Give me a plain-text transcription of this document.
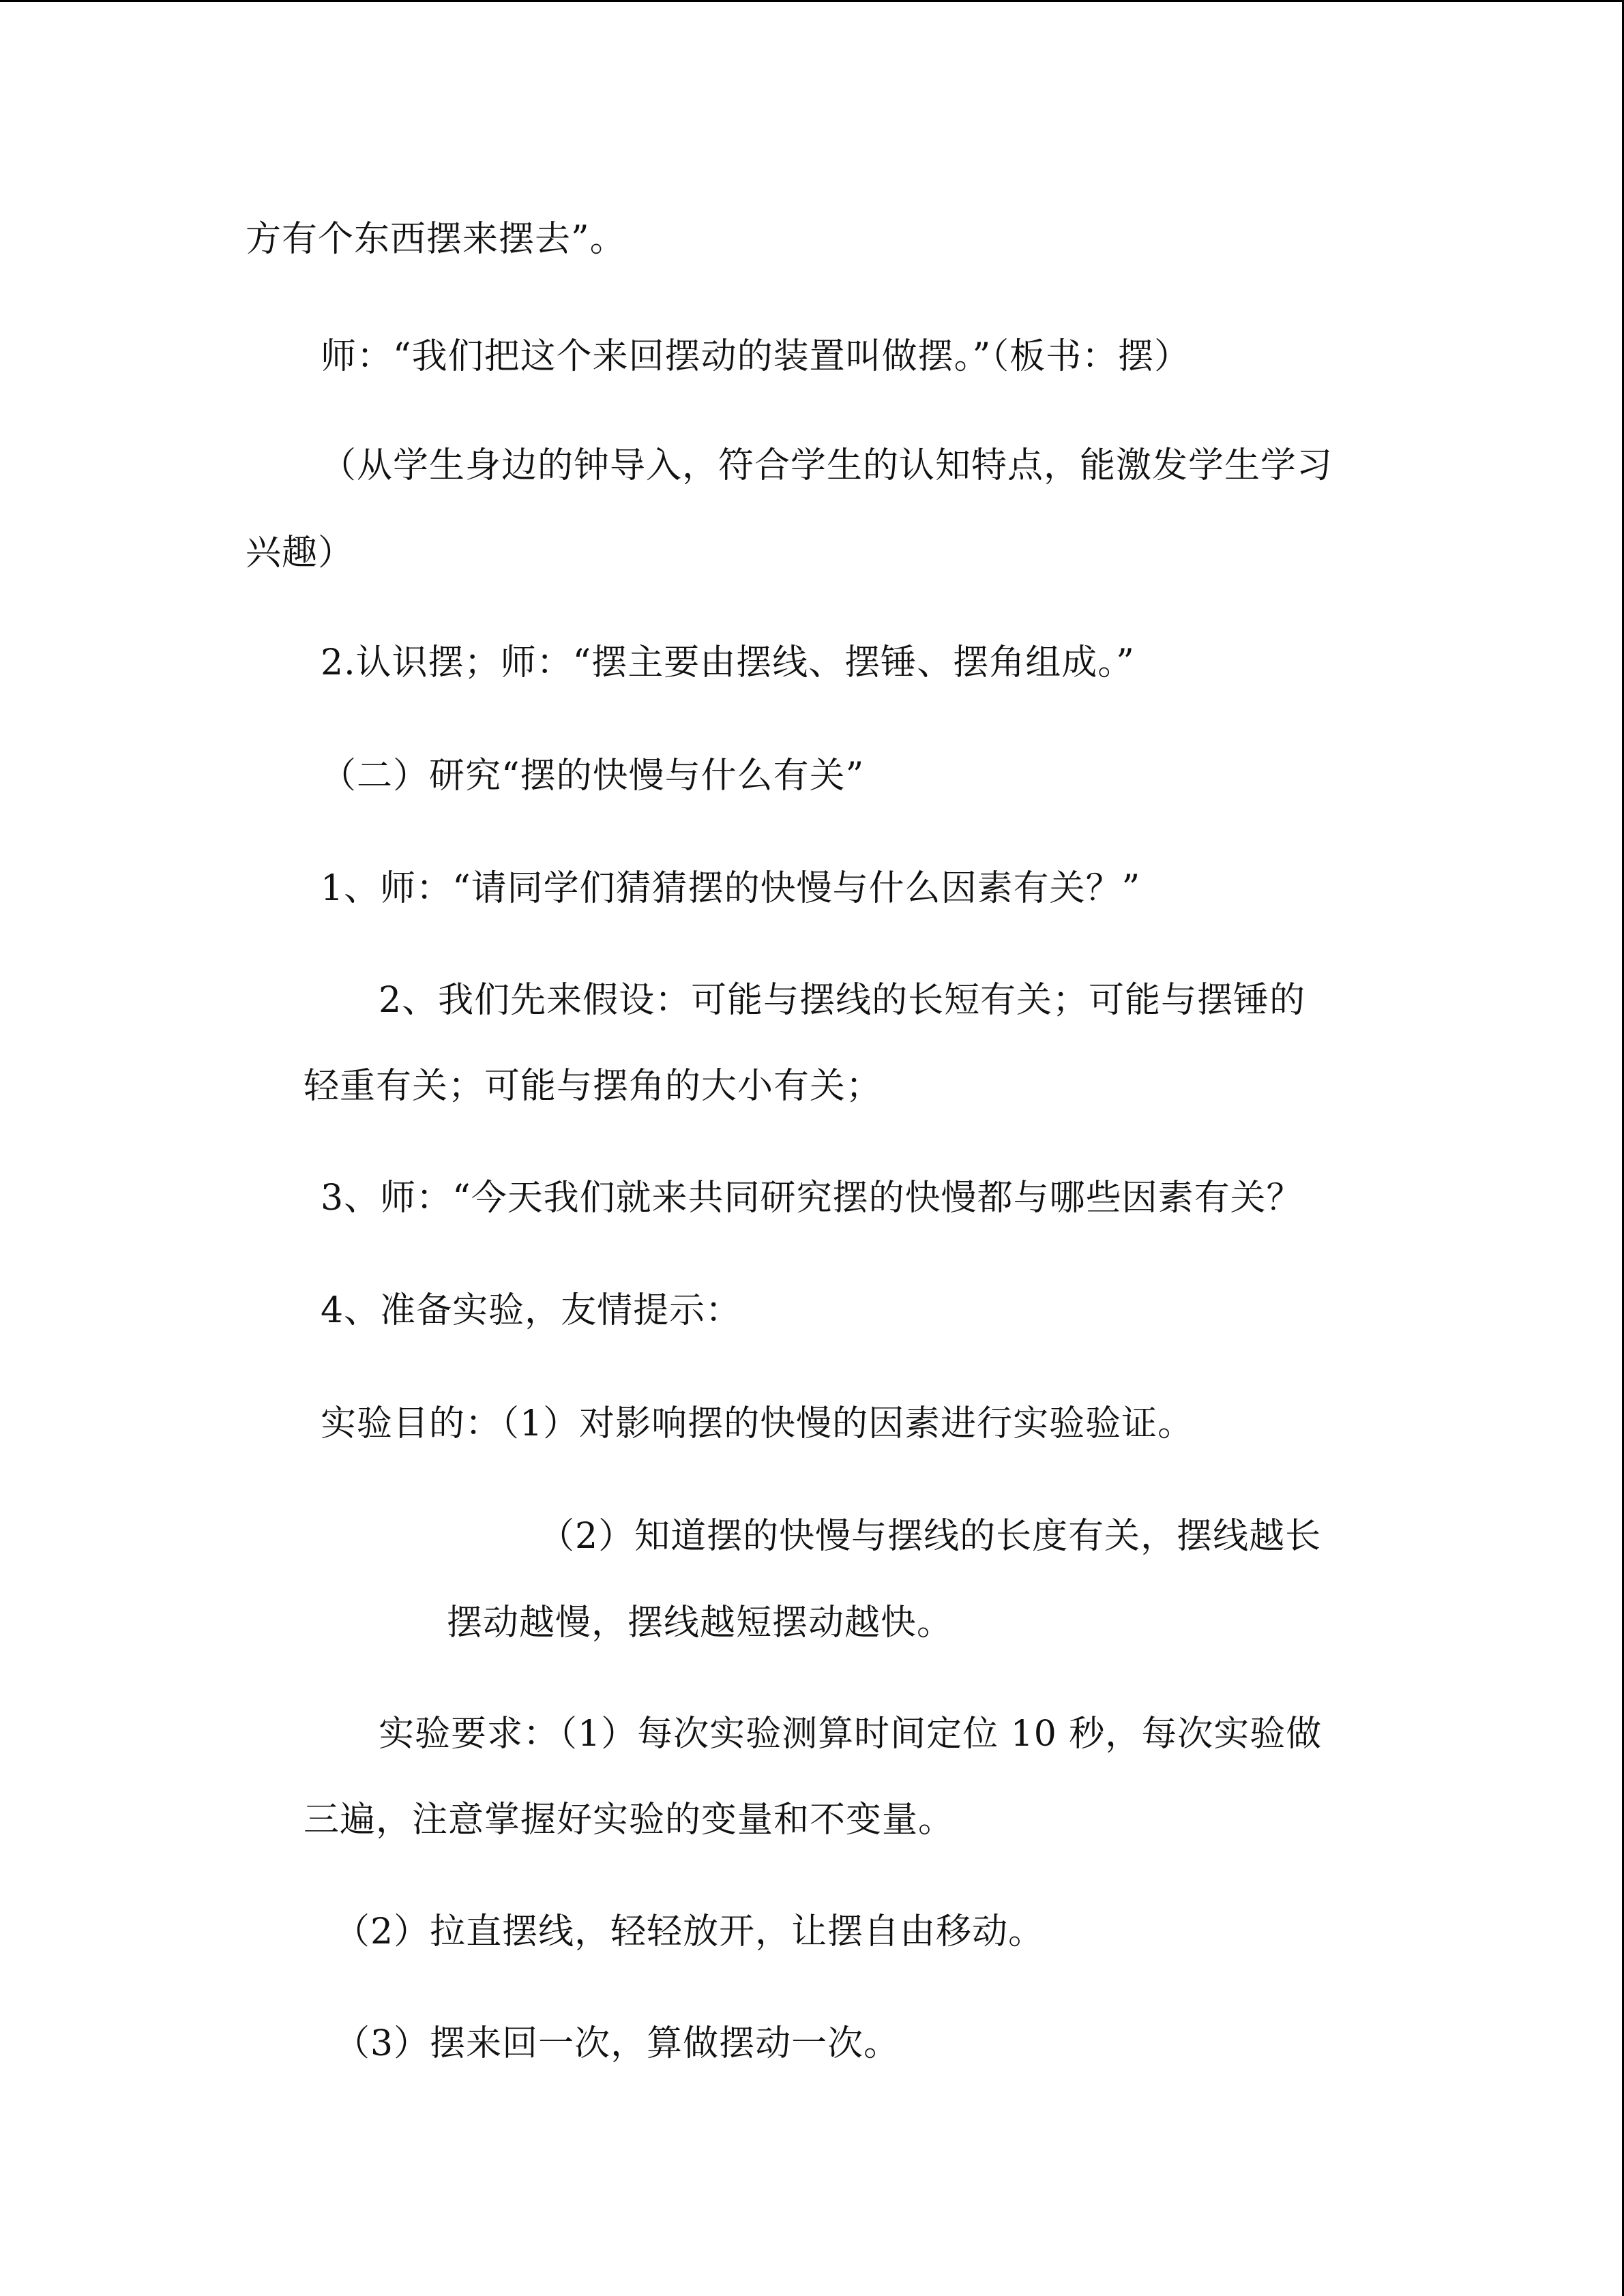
方有个东西摆来摆去”。
师：“我们把这个来回摆动的装置叫做摆。”（板书：摆）
（从学生身边的钟导入，符合学生的认知特点，能激发学生学习
兴趣）
2.认识摆；师：“摆主要由摆线、摆锤、摆角组成。”
（二）研究“摆的快慢与什么有关”
1、师：“请同学们猜猜摆的快慢与什么因素有关？”
2、我们先来假设：可能与摆线的长短有关；可能与摆锤的
轻重有关；可能与摆角的大小有关；
3、师：“今天我们就来共同研究摆的快慢都与哪些因素有关？
4、准备实验，友情提示：
实验目的：（1）对影响摆的快慢的因素进行实验验证。
（2）知道摆的快慢与摆线的长度有关，摆线越长
摆动越慢，摆线越短摆动越快。
实验要求：（1）每次实验测算时间定位 10 秒，每次实验做
三遍，注意掌握好实验的变量和不变量。
（2）拉直摆线，轻轻放开，让摆自由移动。
（3）摆来回一次，算做摆动一次。
